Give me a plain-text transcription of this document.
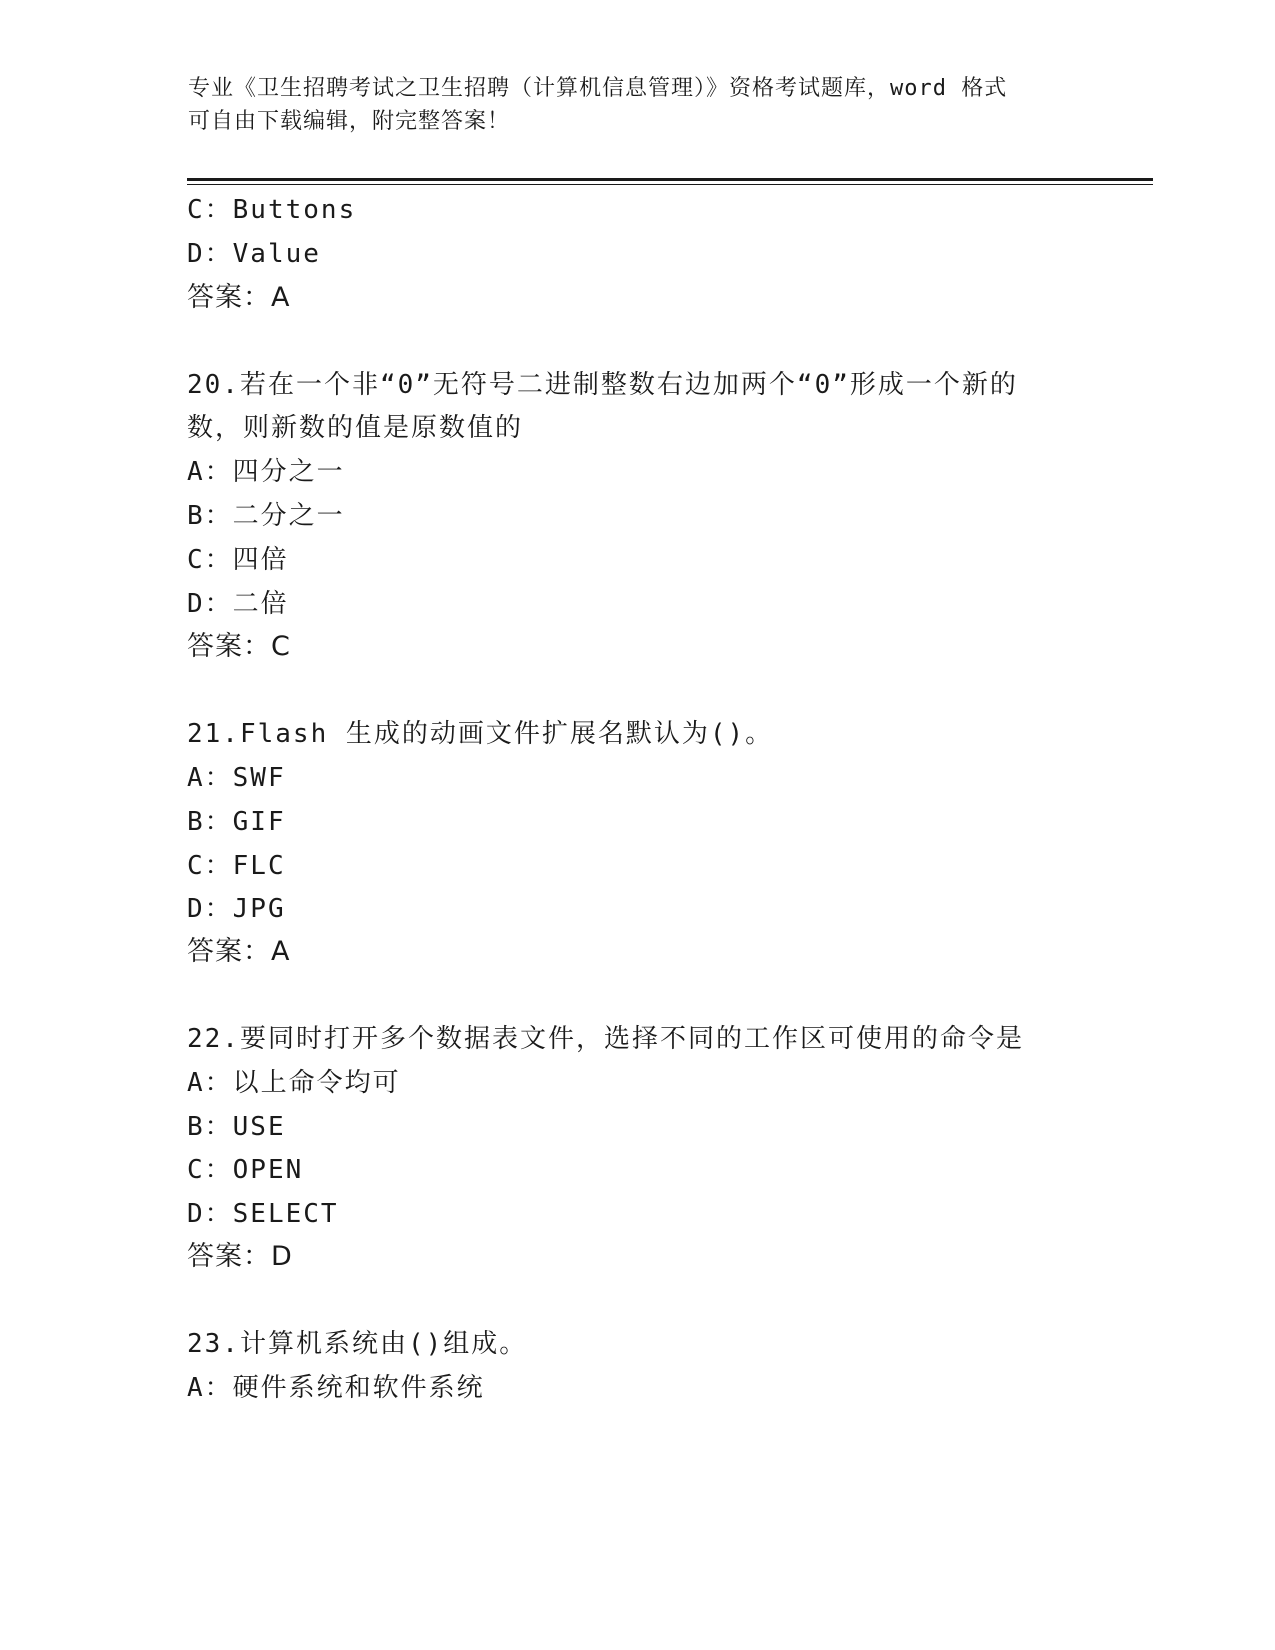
专业《卫生招聘考试之卫生招聘（计算机信息管理）》资格考试题库，word 格式
可自由下载编辑，附完整答案！
C：Buttons
D：Value
答案：A
20.若在一个非“0”无符号二进制整数右边加两个“0”形成一个新的
数，则新数的值是原数值的
A：四分之一
B：二分之一
C：四倍
D：二倍
答案：C
21.Flash 生成的动画文件扩展名默认为()。
A：SWF
B：GIF
C：FLC
D：JPG
答案：A
22.要同时打开多个数据表文件，选择不同的工作区可使用的命令是
A：以上命令均可
B：USE
C：OPEN
D：SELECT
答案：D
23.计算机系统由()组成。
A：硬件系统和软件系统
